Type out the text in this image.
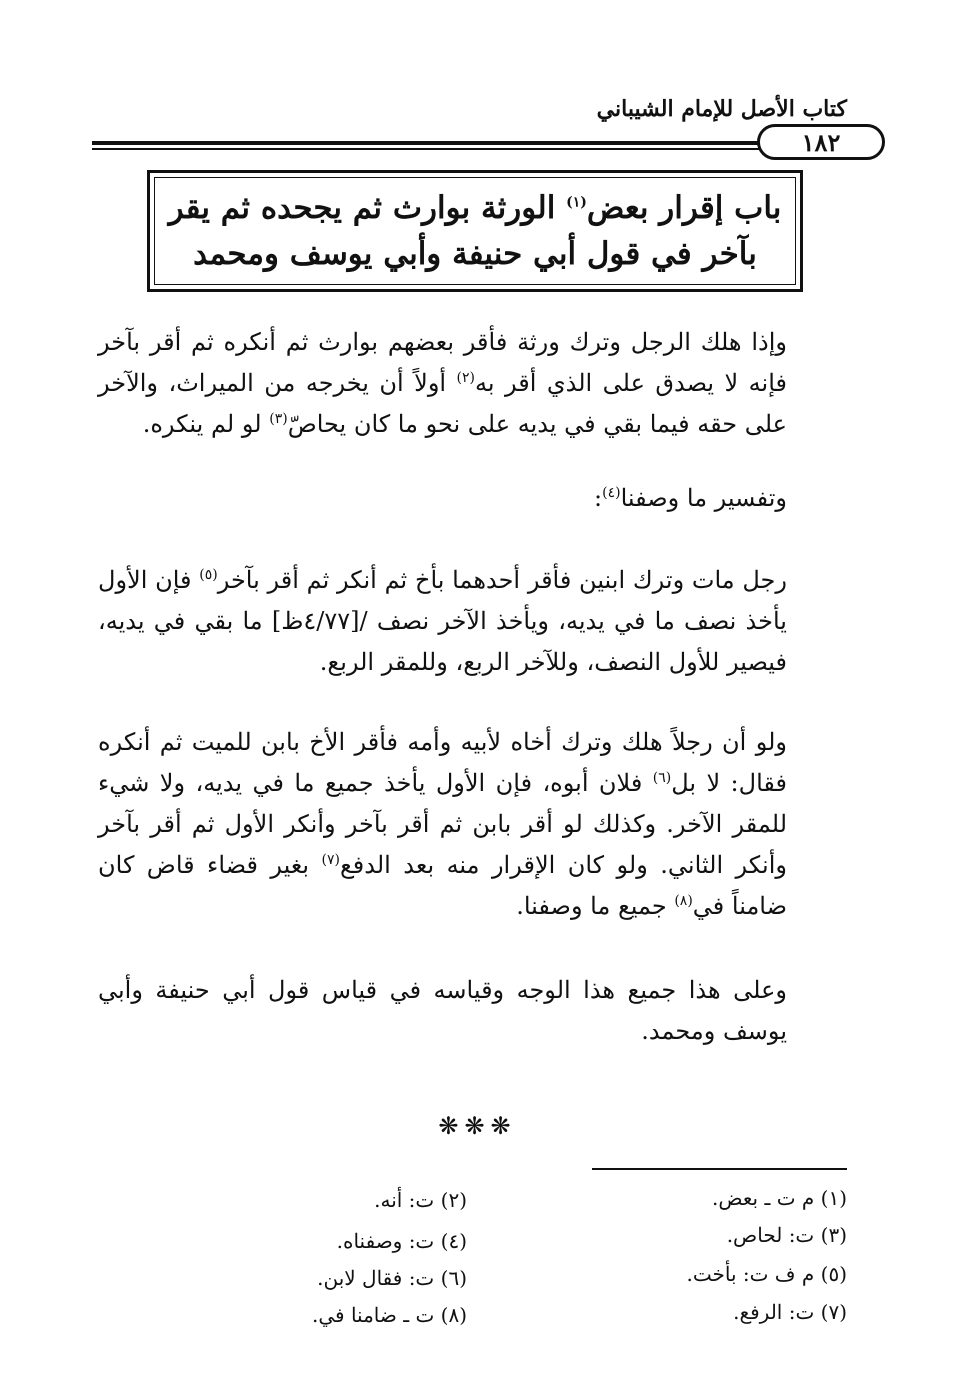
كتاب الأصل للإمام الشيباني
١٨٢
باب إقرار بعض$^{(١)}$ الورثة بوارث ثم يجحده ثم يقر
بآخر في قول أبي حنيفة وأبي يوسف ومحمد
وإذا هلك الرجل وترك ورثة فأقر بعضهم بوارث ثم أنكره ثم أقر بآخر فإنه لا يصدق على الذي أقر به$^{(٢)}$ أولاً أن يخرجه من الميراث، والآخر على حقه فيما بقي في يديه على نحو ما كان يحاصّ$^{(٣)}$ لو لم ينكره.
وتفسير ما وصفنا$^{(٤)}$:
رجل مات وترك ابنين فأقر أحدهما بأخ ثم أنكر ثم أقر بآخر$^{(٥)}$ فإن الأول يأخذ نصف ما في يديه، ويأخذ الآخر نصف /[٤/٧٧ظ] ما بقي في يديه، فيصير للأول النصف، وللآخر الربع، وللمقر الربع.
ولو أن رجلاً هلك وترك أخاه لأبيه وأمه فأقر الأخ بابن للميت ثم أنكره فقال: لا بل$^{(٦)}$ فلان أبوه، فإن الأول يأخذ جميع ما في يديه، ولا شيء للمقر الآخر. وكذلك لو أقر بابن ثم أقر بآخر وأنكر الأول ثم أقر بآخر وأنكر الثاني. ولو كان الإقرار منه بعد الدفع$^{(٧)}$ بغير قضاء قاض كان ضامناً في$^{(٨)}$ جميع ما وصفنا.
وعلى هذا جميع هذا الوجه وقياسه في قياس قول أبي حنيفة وأبي يوسف ومحمد.
❋❋❋
(١) م ت ـ بعض.
(٢) ت: أنه.
(٣) ت: لحاص.
(٤) ت: وصفناه.
(٥) م ف ت: بأخت.
(٦) ت: فقال لابن.
(٧) ت: الرفع.
(٨) ت ـ ضامنا في.
